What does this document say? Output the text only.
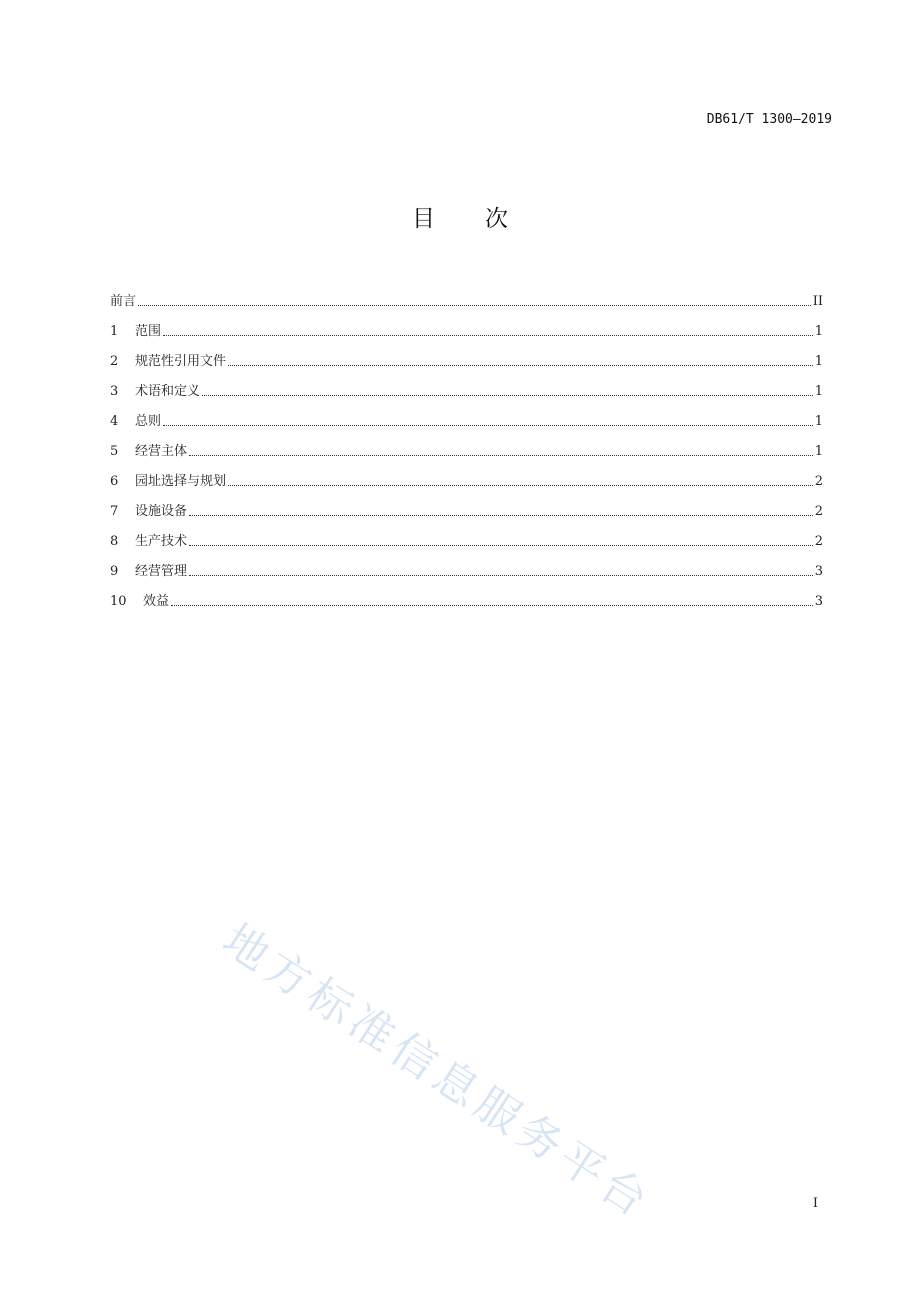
DB61/T 1300—2019
目 次
前言	II
1	范围	1
2	规范性引用文件	1
3	术语和定义	1
4	总则	1
5	经营主体	1
6	园址选择与规划	2
7	设施设备	2
8	生产技术	2
9	经营管理	3
10	效益	3
地方标准信息服务平台	I
